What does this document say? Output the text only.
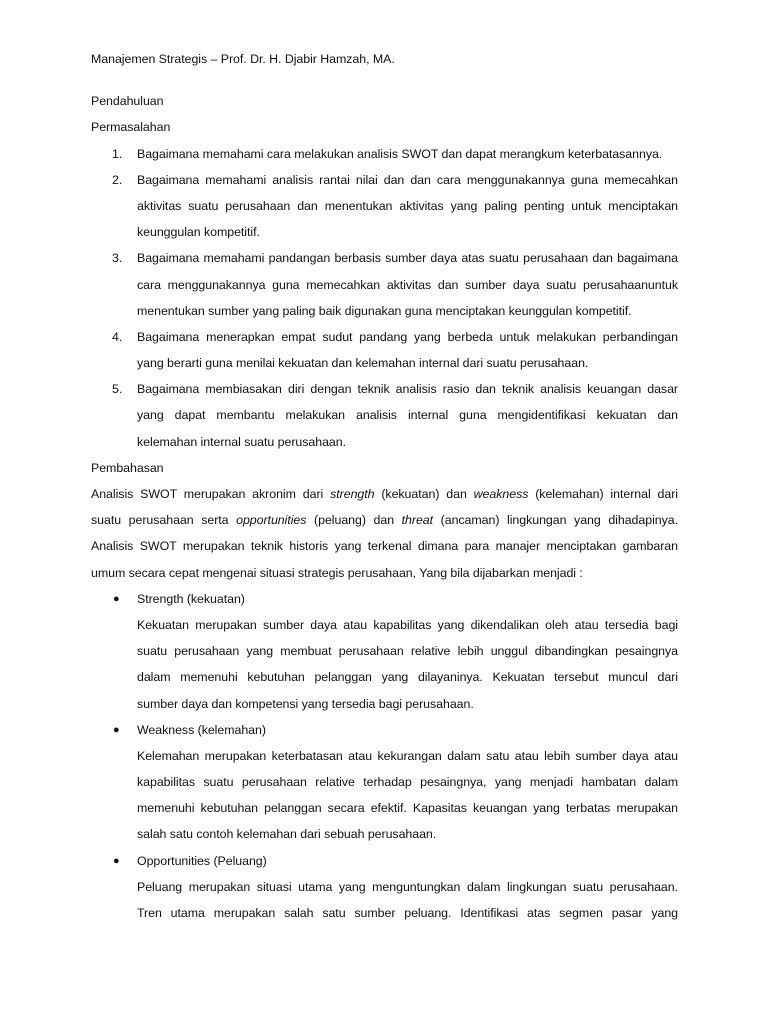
Manajemen Strategis – Prof. Dr. H. Djabir Hamzah, MA.
Pendahuluan
Permasalahan
1. Bagaimana memahami cara melakukan analisis SWOT dan dapat merangkum keterbatasannya.
2. Bagaimana memahami analisis rantai nilai dan dan cara menggunakannya guna memecahkan
aktivitas suatu perusahaan dan menentukan aktivitas yang paling penting untuk menciptakan
keunggulan kompetitif.
3. Bagaimana memahami pandangan berbasis sumber daya atas suatu perusahaan dan bagaimana
cara menggunakannya guna memecahkan aktivitas dan sumber daya suatu perusahaanuntuk
menentukan sumber yang paling baik digunakan guna menciptakan keunggulan kompetitif.
4. Bagaimana menerapkan empat sudut pandang yang berbeda untuk melakukan perbandingan
yang berarti guna menilai kekuatan dan kelemahan internal dari suatu perusahaan.
5. Bagaimana membiasakan diri dengan teknik analisis rasio dan teknik analisis keuangan dasar
yang dapat membantu melakukan analisis internal guna mengidentifikasi kekuatan dan
kelemahan internal suatu perusahaan.
Pembahasan
Analisis SWOT merupakan akronim dari strength (kekuatan) dan weakness (kelemahan) internal dari
suatu perusahaan serta opportunities (peluang) dan threat (ancaman) lingkungan yang dihadapinya.
Analisis SWOT merupakan teknik historis yang terkenal dimana para manajer menciptakan gambaran
umum secara cepat mengenai situasi strategis perusahaan, Yang bila dijabarkan menjadi :
● Strength (kekuatan)
Kekuatan merupakan sumber daya atau kapabilitas yang dikendalikan oleh atau tersedia bagi
suatu perusahaan yang membuat perusahaan relative lebih unggul dibandingkan pesaingnya
dalam memenuhi kebutuhan pelanggan yang dilayaninya. Kekuatan tersebut muncul dari
sumber daya dan kompetensi yang tersedia bagi perusahaan.
● Weakness (kelemahan)
Kelemahan merupakan keterbatasan atau kekurangan dalam satu atau lebih sumber daya atau
kapabilitas suatu perusahaan relative terhadap pesaingnya, yang menjadi hambatan dalam
memenuhi kebutuhan pelanggan secara efektif. Kapasitas keuangan yang terbatas merupakan
salah satu contoh kelemahan dari sebuah perusahaan.
● Opportunities (Peluang)
Peluang merupakan situasi utama yang menguntungkan dalam lingkungan suatu perusahaan.
Tren utama merupakan salah satu sumber peluang. Identifikasi atas segmen pasar yang
